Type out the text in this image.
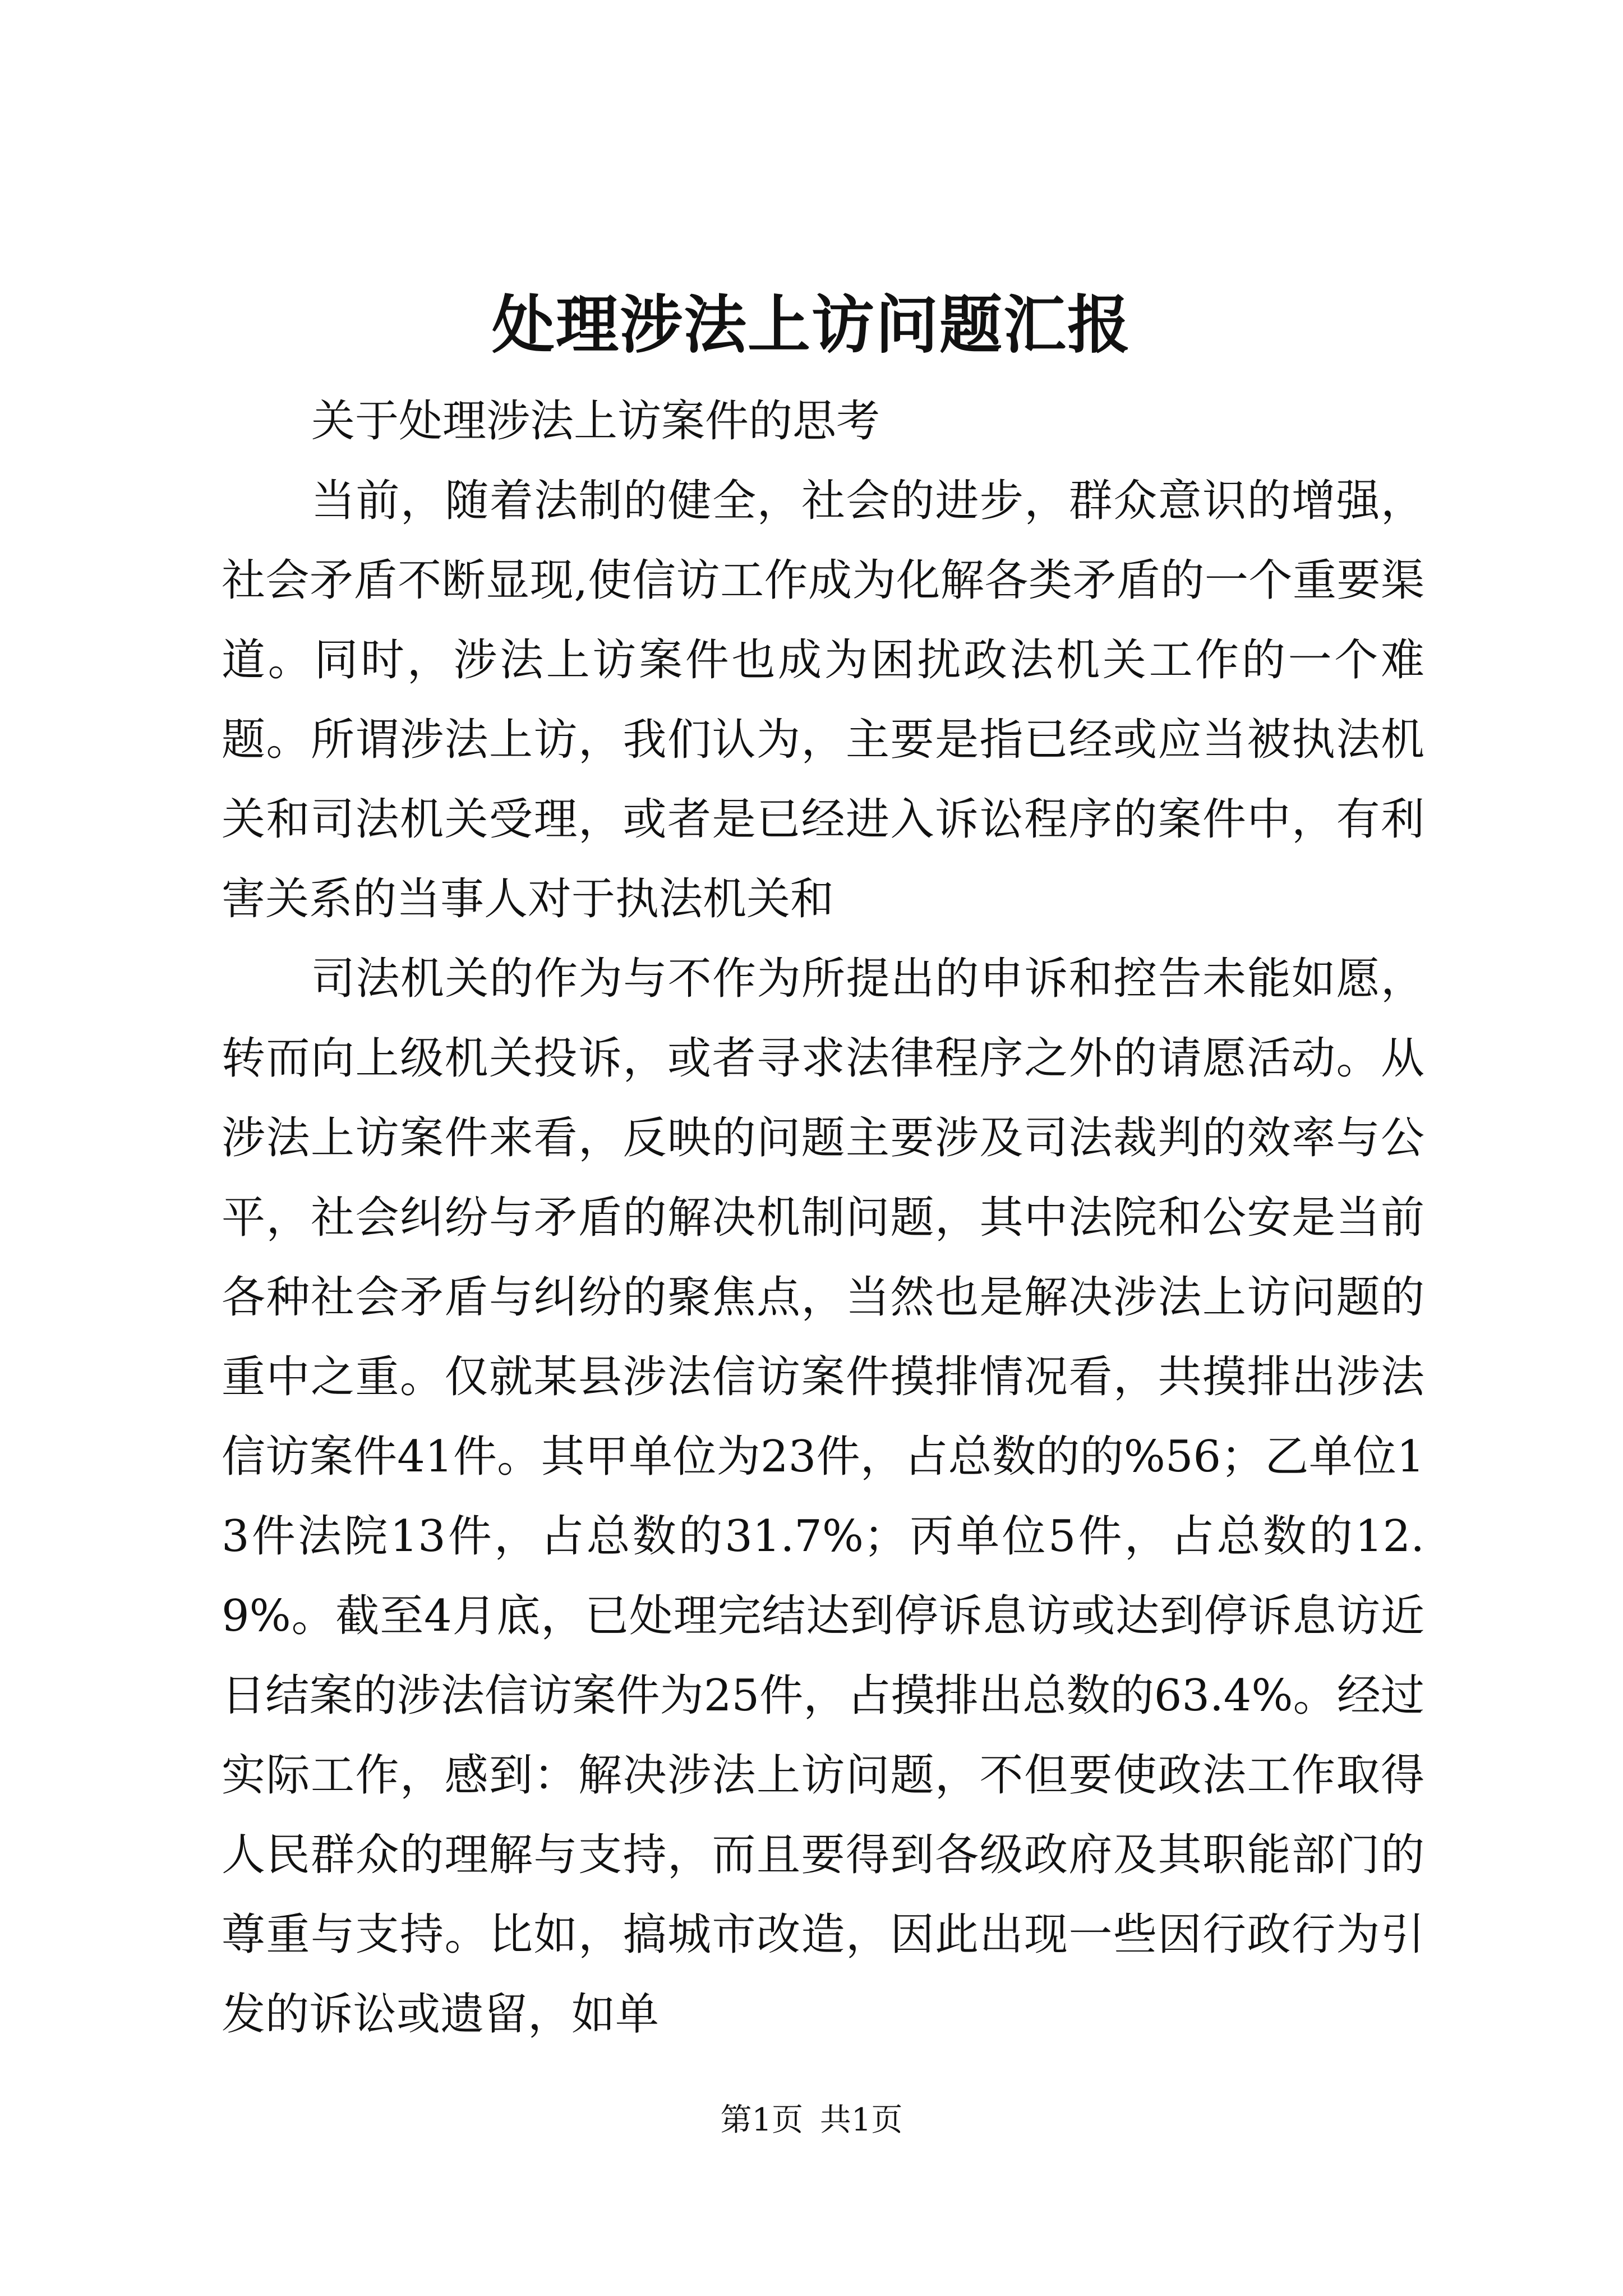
处理涉法上访问题汇报

关于处理涉法上访案件的思考

当前，随着法制的健全，社会的进步，群众意识的增强，社会矛盾不断显现,使信访工作成为化解各类矛盾的一个重要渠道。同时，涉法上访案件也成为困扰政法机关工作的一个难题。所谓涉法上访，我们认为，主要是指已经或应当被执法机关和司法机关受理，或者是已经进入诉讼程序的案件中，有利害关系的当事人对于执法机关和

司法机关的作为与不作为所提出的申诉和控告未能如愿，转而向上级机关投诉，或者寻求法律程序之外的请愿活动。从涉法上访案件来看，反映的问题主要涉及司法裁判的效率与公平，社会纠纷与矛盾的解决机制问题，其中法院和公安是当前各种社会矛盾与纠纷的聚焦点，当然也是解决涉法上访问题的重中之重。仅就某县涉法信访案件摸排情况看，共摸排出涉法信访案件41件。其甲单位为23件，占总数的的%56；乙单位13件法院13件，占总数的31.7%；丙单位5件，占总数的12.9%。截至4月底，已处理完结达到停诉息访或达到停诉息访近日结案的涉法信访案件为25件，占摸排出总数的63.4%。经过实际工作，感到：解决涉法上访问题，不但要使政法工作取得人民群众的理解与支持，而且要得到各级政府及其职能部门的尊重与支持。比如，搞城市改造，因此出现一些因行政行为引发的诉讼或遗留，如单

第1页 共1页
